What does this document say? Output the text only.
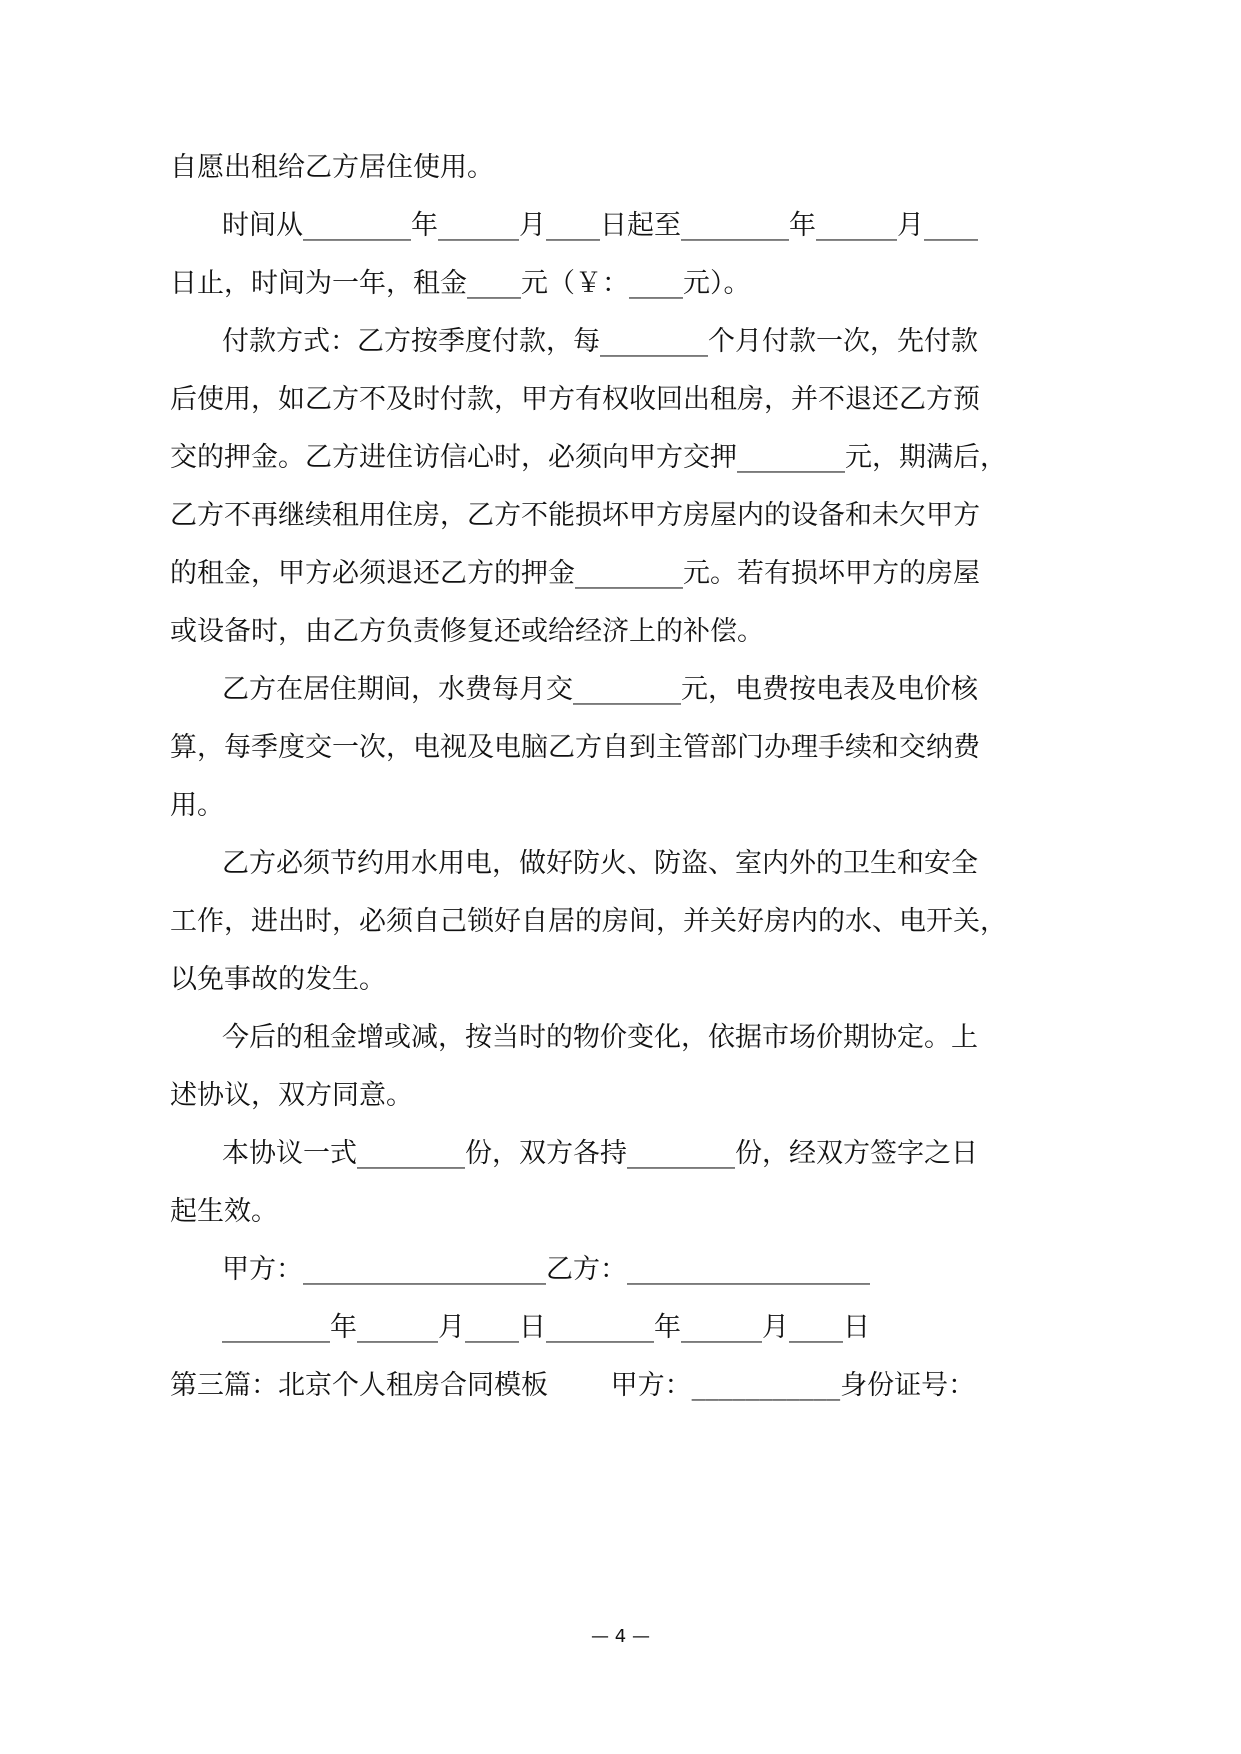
自愿出租给乙方居住使用。
时间从________年______月____日起至________年______月____
日止，时间为一年，租金____元（￥：____元）。
付款方式：乙方按季度付款，每________个月付款一次，先付款
后使用，如乙方不及时付款，甲方有权收回出租房，并不退还乙方预
交的押金。乙方进住访信心时，必须向甲方交押________元，期满后，
乙方不再继续租用住房，乙方不能损坏甲方房屋内的设备和未欠甲方
的租金，甲方必须退还乙方的押金________元。若有损坏甲方的房屋
或设备时，由乙方负责修复还或给经济上的补偿。
乙方在居住期间，水费每月交________元，电费按电表及电价核
算，每季度交一次，电视及电脑乙方自到主管部门办理手续和交纳费
用。
乙方必须节约用水用电，做好防火、防盗、室内外的卫生和安全
工作，进出时，必须自己锁好自居的房间，并关好房内的水、电开关，
以免事故的发生。
今后的租金增或减，按当时的物价变化，依据市场价期协定。上
述协议，双方同意。
本协议一式________份，双方各持________份，经双方签字之日
起生效。
甲方：__________________乙方：__________________
________年______月____日________年______月____日
第三篇：北京个人租房合同模板 　　甲方：___________身份证号：
— 4 —
